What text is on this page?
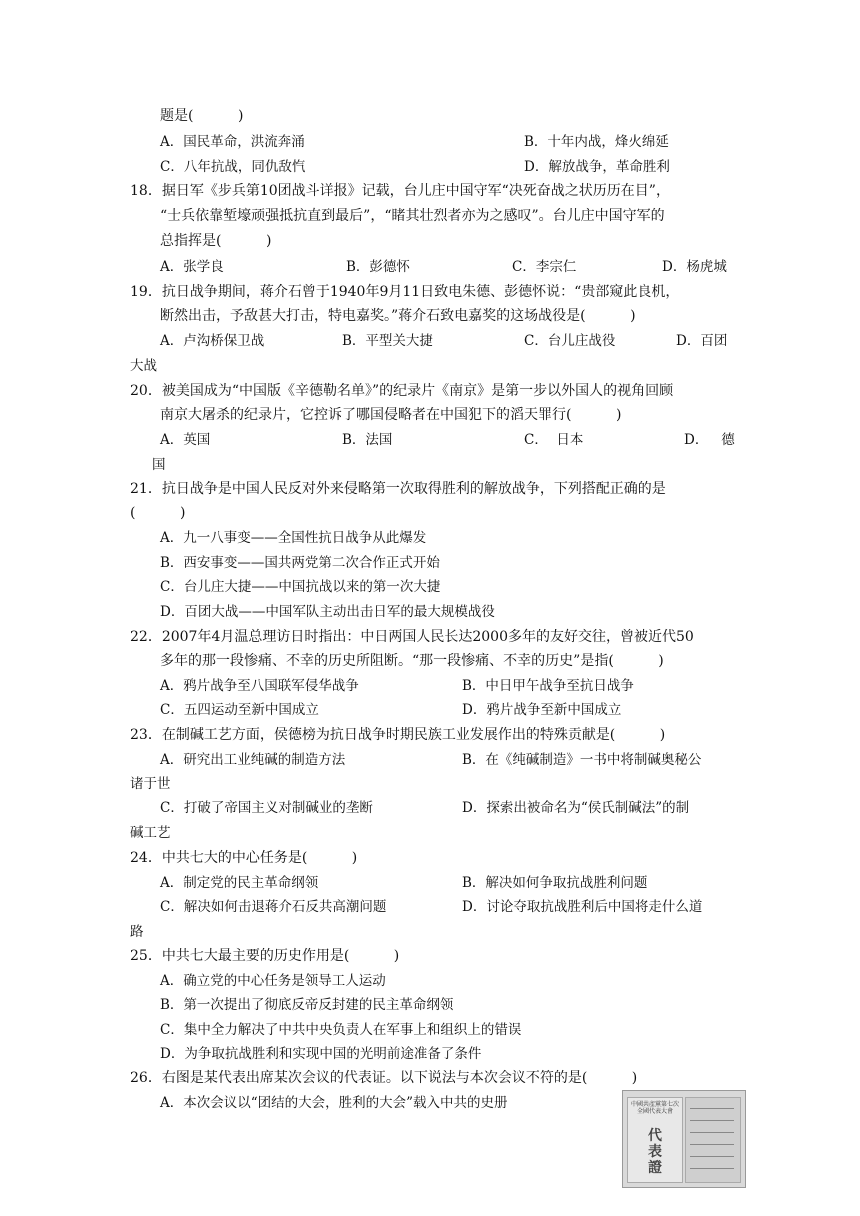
题是(          )
A．国民革命，洪流奔涌	B．十年内战，烽火绵延
C．八年抗战，同仇敌忾	D．解放战争，革命胜利
18．据日军《步兵第10团战斗详报》记载，台儿庄中国守军“决死奋战之状历历在目”，
“士兵依靠堑壕顽强抵抗直到最后”，“睹其壮烈者亦为之感叹”。台儿庄中国守军的
总指挥是(          )
A．张学良	B．彭德怀	C．李宗仁	D．杨虎城
19．抗日战争期间，蒋介石曾于1940年9月11日致电朱德、彭德怀说：“贵部窥此良机，
断然出击，予敌甚大打击，特电嘉奖。”蒋介石致电嘉奖的这场战役是(          )
A．卢沟桥保卫战	B．平型关大捷	C．台儿庄战役	D．百团
大战
20．被美国成为“中国版《辛德勒名单》”的纪录片《南京》是第一步以外国人的视角回顾
南京大屠杀的纪录片，它控诉了哪国侵略者在中国犯下的滔天罪行(          )
A．英国	B．法国	C．  日本	D．   德
国
21．抗日战争是中国人民反对外来侵略第一次取得胜利的解放战争，下列搭配正确的是
(          )
A．九一八事变——全国性抗日战争从此爆发
B．西安事变——国共两党第二次合作正式开始
C．台儿庄大捷——中国抗战以来的第一次大捷
D．百团大战——中国军队主动出击日军的最大规模战役
22．2007年4月温总理访日时指出：中日两国人民长达2000多年的友好交往，曾被近代50
多年的那一段惨痛、不幸的历史所阻断。“那一段惨痛、不幸的历史”是指(          )
A．鸦片战争至八国联军侵华战争	B．中日甲午战争至抗日战争
C．五四运动至新中国成立	D．鸦片战争至新中国成立
23．在制碱工艺方面，侯德榜为抗日战争时期民族工业发展作出的特殊贡献是(          )
A．研究出工业纯碱的制造方法	B．在《纯碱制造》一书中将制碱奥秘公
诸于世
C．打破了帝国主义对制碱业的垄断	D．探索出被命名为“侯氏制碱法”的制
碱工艺
24．中共七大的中心任务是(          )
A．制定党的民主革命纲领	B．解决如何争取抗战胜利问题
C．解决如何击退蒋介石反共高潮问题	D．讨论夺取抗战胜利后中国将走什么道
路
25．中共七大最主要的历史作用是(          )
A．确立党的中心任务是领导工人运动
B．第一次提出了彻底反帝反封建的民主革命纲领
C．集中全力解决了中共中央负责人在军事上和组织上的错误
D．为争取抗战胜利和实现中国的光明前途准备了条件
26．右图是某代表出席某次会议的代表证。以下说法与本次会议不符的是(          )
A．本次会议以“团结的大会，胜利的大会”载入中共的史册	中國共產黨第七次全國代表大會
代表證
